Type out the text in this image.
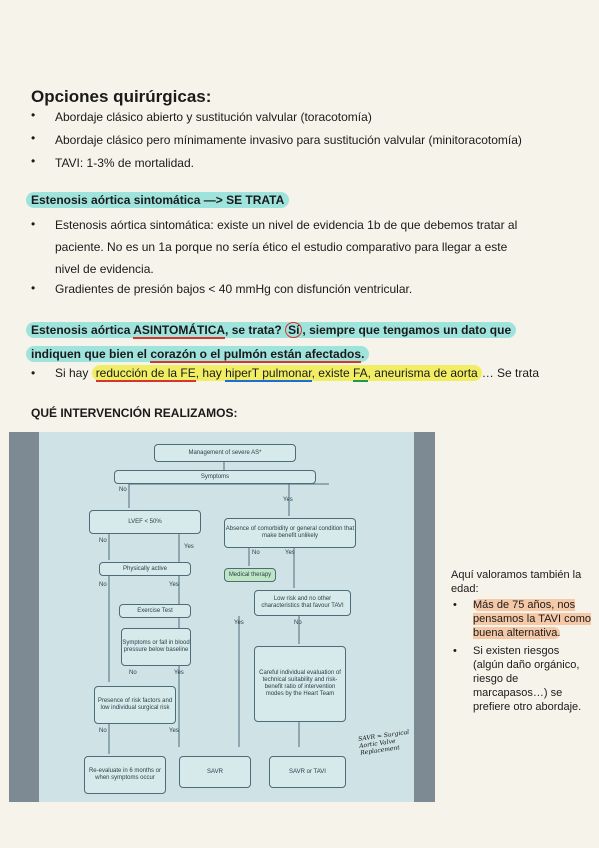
Opciones quirúrgicas:
• Abordaje clásico abierto y sustitución valvular (toracotomía)
• Abordaje clásico pero mínimamente invasivo para sustitución valvular (minitoracotomía)
• TAVI: 1-3% de mortalidad.
Estenosis aórtica sintomática —> SE TRATA
• Estenosis aórtica sintomática: existe un nivel de evidencia 1b de que debemos tratar al
paciente. No es un 1a porque no sería ético el estudio comparativo para llegar a este
nivel de evidencia.
• Gradientes de presión bajos < 40 mmHg con disfunción ventricular.
Estenosis aórtica ASINTOMÁTICA, se trata? Sí , siempre que tengamos un dato que
indiquen que bien el corazón o el pulmón están afectados.
• Si hay reducción de la FE, hay hiperT pulmonar, existe FA, aneurisma de aorta … Se trata
QUÉ INTERVENCIÓN REALIZAMOS:
Management of severe AS*
Symptoms
No
Yes
LVEF < 50%
Absence of comorbidity or general condition that make benefit unlikely
No
Yes
No	Yes
Physically active
Medical therapy
No	Yes
Low risk and no other characteristics that favour TAVI
Exercise Test
Yes	No
Symptoms or fall in blood pressure below baseline
Careful individual evaluation of technical suitability and risk-benefit ratio of intervention modes by the Heart Team
No	Yes
Presence of risk factors and low individual surgical risk
No	Yes
Re-evaluate in 6 months or when symptoms occur
SAVR	SAVR or TAVI
SAVR = Surgical Aortic Valve Replacement
Aquí valoramos también la edad:
• Más de 75 años, nos pensamos la TAVI como buena alternativa.
• Si existen riesgos (algún daño orgánico, riesgo de marcapasos…) se prefiere otro abordaje.
